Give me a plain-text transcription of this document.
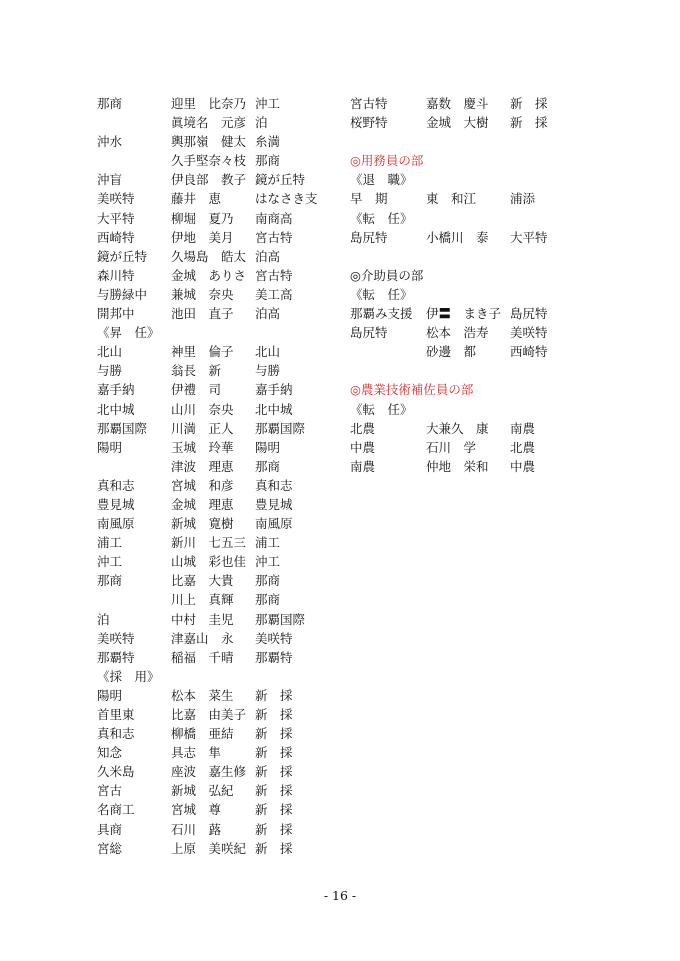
那商	迎里　比奈乃 沖工
眞境名　元彦 泊
沖水	輿那嶺　健太 糸満
久手堅奈々枝 那商
沖盲	伊良部　教子 鏡が丘特
美咲特	藤井　恵	はなさき支
大平特	柳堀　夏乃 南商高
西崎特	伊地　美月 宮古特
鏡が丘特 久場島　皓太 泊高
森川特	金城　ありさ 宮古特
与勝緑中 兼城　奈央 美工高
開邦中	池田　直子 泊高
《昇　任》
北山	神里　倫子 北山
与勝	翁長　新	与勝
嘉手納	伊禮　司	嘉手納
北中城	山川　奈央 北中城
那覇国際 川満　正人 那覇国際
陽明	玉城　玲華 陽明
津波　理恵 那商
真和志	宮城　和彦 真和志
豊見城	金城　理恵 豊見城
南風原	新城　寛樹 南風原
浦工	新川　七五三 浦工
沖工	山城　彩也佳 沖工
那商	比嘉　大貴 那商
川上　真輝 那商
泊	中村　圭児 那覇国際
美咲特	津嘉山　永 美咲特
那覇特	稲福　千晴 那覇特
《採　用》
陽明	松本　菜生 新　採
首里東	比嘉　由美子 新　採
真和志	柳橋　亜結 新　採
知念	具志　隼	新　採
久米島	座波　嘉生修 新　採
宮古	新城　弘紀 新　採
名商工	宮城　尊	新　採
具商	石川　蕗	新　採
宮総	上原　美咲紀 新　採
宮古特	嘉数　慶斗 新　採
桜野特	金城　大樹 新　採
◎用務員の部
《退　職》
早　期	東　和江	浦添
《転　任》
島尻特	小橋川　泰 大平特
◎介助員の部
《転　任》
那覇み支援 伊〓　まき子 島尻特
島尻特	松本　浩寿 美咲特
砂邊　都	西崎特
◎農業技術補佐員の部
《転　任》
北農	大兼久　康 南農
中農	石川　学	北農
南農	仲地　栄和 中農
- 16 -
